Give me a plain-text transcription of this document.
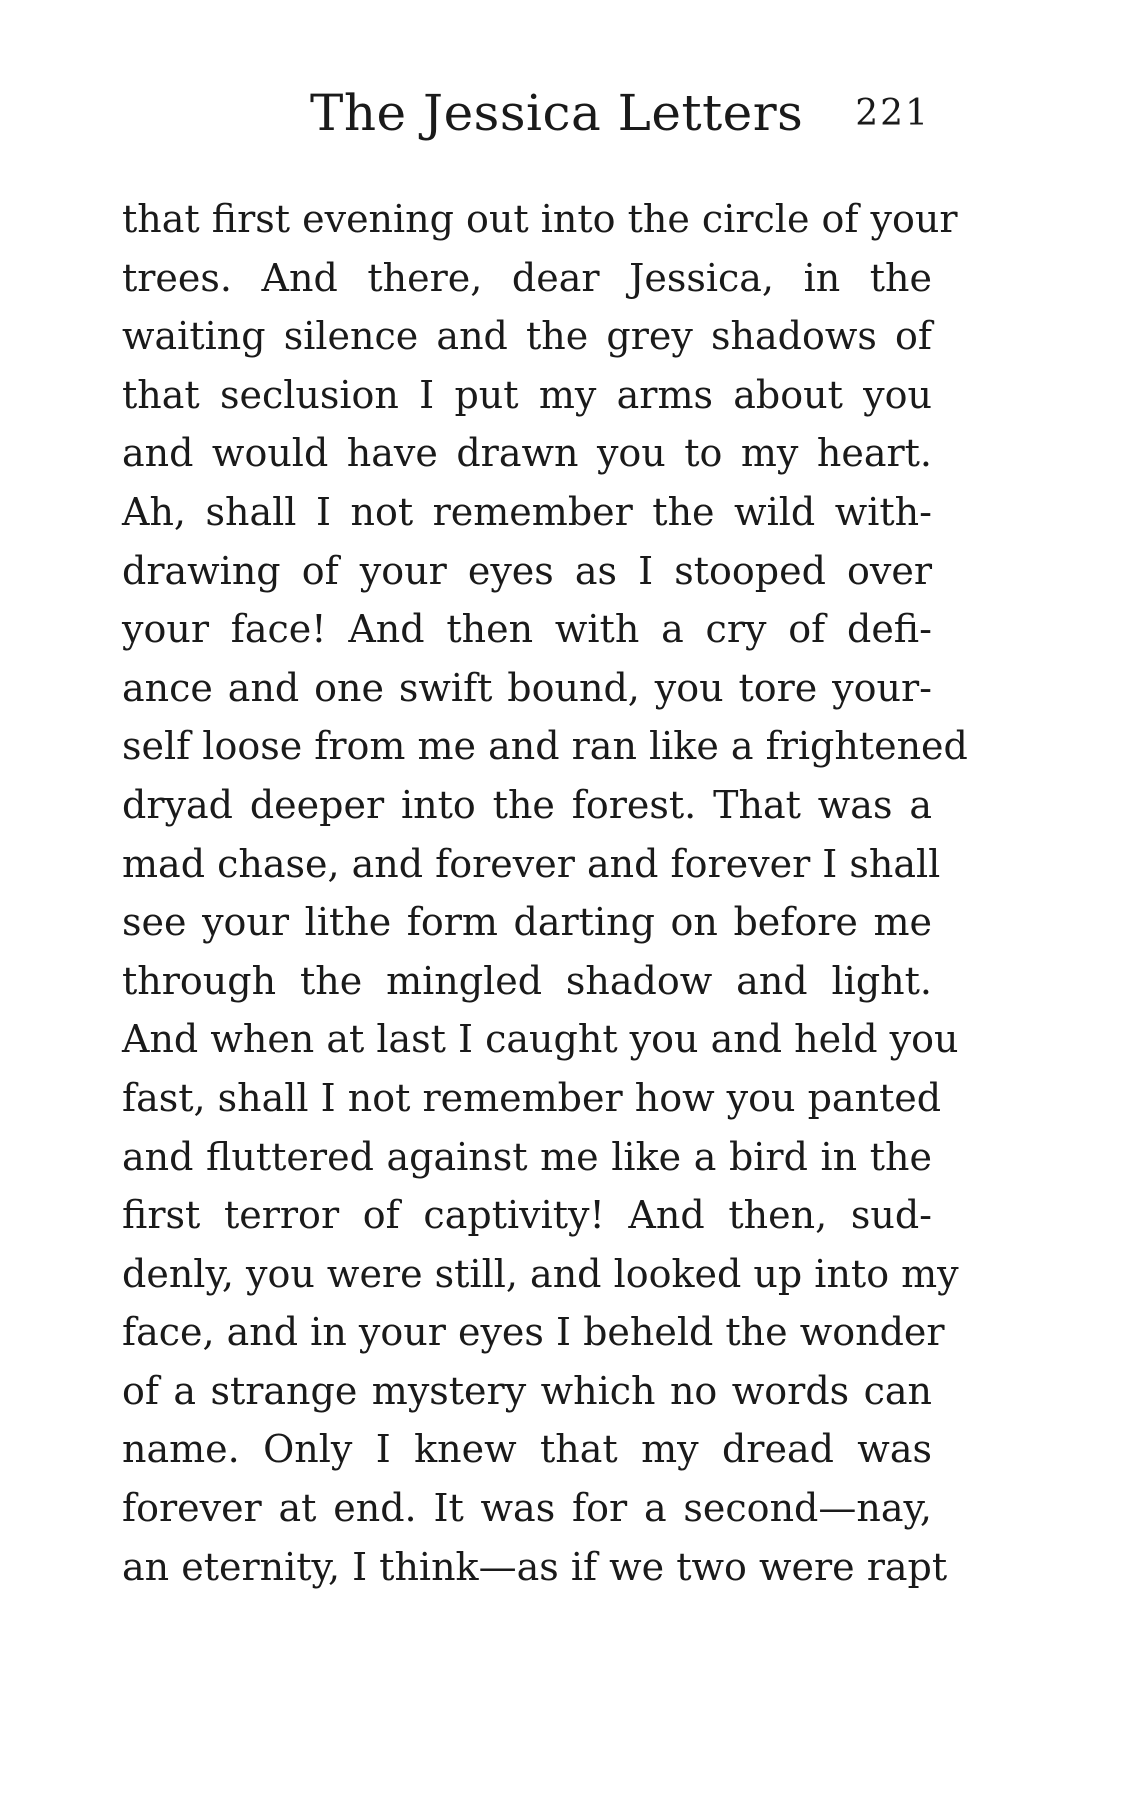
The Jessica Letters 221
that first evening out into the circle of your
trees. And there, dear Jessica, in the
waiting silence and the grey shadows of
that seclusion I put my arms about you
and would have drawn you to my heart.
Ah, shall I not remember the wild with-
drawing of your eyes as I stooped over
your face! And then with a cry of defi-
ance and one swift bound, you tore your-
self loose from me and ran like a frightened
dryad deeper into the forest. That was a
mad chase, and forever and forever I shall
see your lithe form darting on before me
through the mingled shadow and light.
And when at last I caught you and held you
fast, shall I not remember how you panted
and fluttered against me like a bird in the
first terror of captivity! And then, sud-
denly, you were still, and looked up into my
face, and in your eyes I beheld the wonder
of a strange mystery which no words can
name. Only I knew that my dread was
forever at end. It was for a second—nay,
an eternity, I think—as if we two were rapt
